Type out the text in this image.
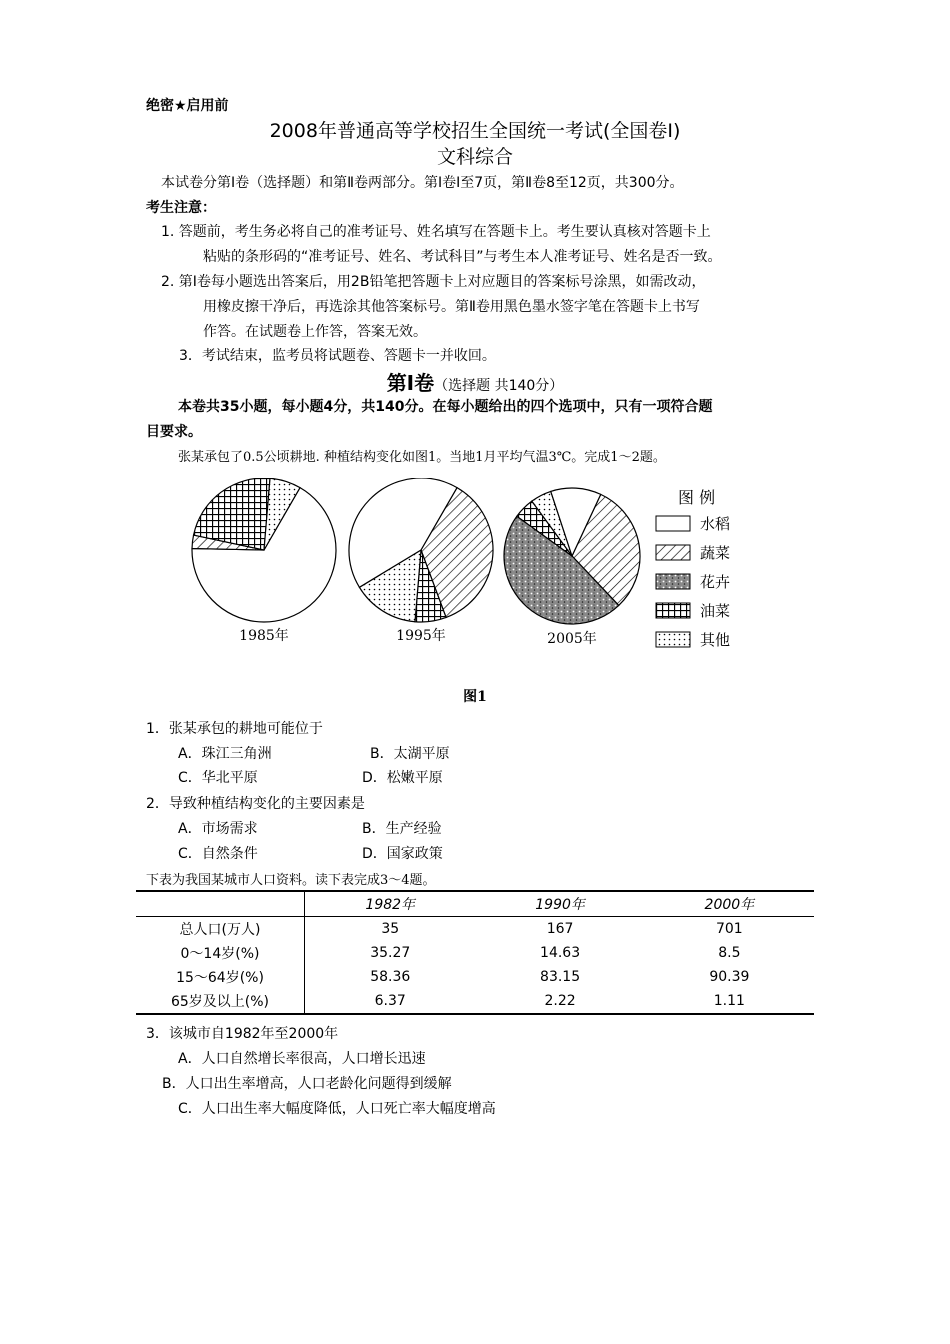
绝密★启用前
2008年普通高等学校招生全国统一考试(全国卷Ⅰ)
文科综合
本试卷分第Ⅰ卷（选择题）和第Ⅱ卷两部分。第Ⅰ卷Ⅰ至7页，第Ⅱ卷8至12页，共300分。
考生注意：
1. 答题前，考生务必将自己的准考证号、姓名填写在答题卡上。考生要认真核对答题卡上
粘贴的条形码的“准考证号、姓名、考试科目”与考生本人准考证号、姓名是否一致。
2. 第Ⅰ卷每小题选出答案后，用2B铅笔把答题卡上对应题目的答案标号涂黑，如需改动，
用橡皮擦干净后，再选涂其他答案标号。第Ⅱ卷用黑色墨水签字笔在答题卡上书写
作答。在试题卷上作答，答案无效。
3．考试结束，监考员将试题卷、答题卡一并收回。
第Ⅰ卷（选择题 共140分）
本卷共35小题，每小题4分，共140分。在每小题给出的四个选项中，只有一项符合题
目要求。
张某承包了0.5公顷耕地. 种植结构变化如图1。当地1月平均气温3℃。完成1～2题。
1985年	1995年	2005年
图 例
水稻
蔬菜
花卉
油菜
其他
图1
1．张某承包的耕地可能位于
A．珠江三角洲	B．太湖平原
C．华北平原	D．松嫩平原
2．导致种植结构变化的主要因素是
A．市场需求	B．生产经验
C．自然条件	D．国家政策
下表为我国某城市人口资料。读下表完成3～4题。
	1982年	1990年	2000年
总人口(万人)	35	167	701
0～14岁(%)	35.27	14.63	8.5
15～64岁(%)	58.36	83.15	90.39
65岁及以上(%)	6.37	2.22	1.11
3．该城市自1982年至2000年
A．人口自然增长率很高，人口增长迅速
B．人口出生率增高，人口老龄化问题得到缓解
C．人口出生率大幅度降低，人口死亡率大幅度增高
